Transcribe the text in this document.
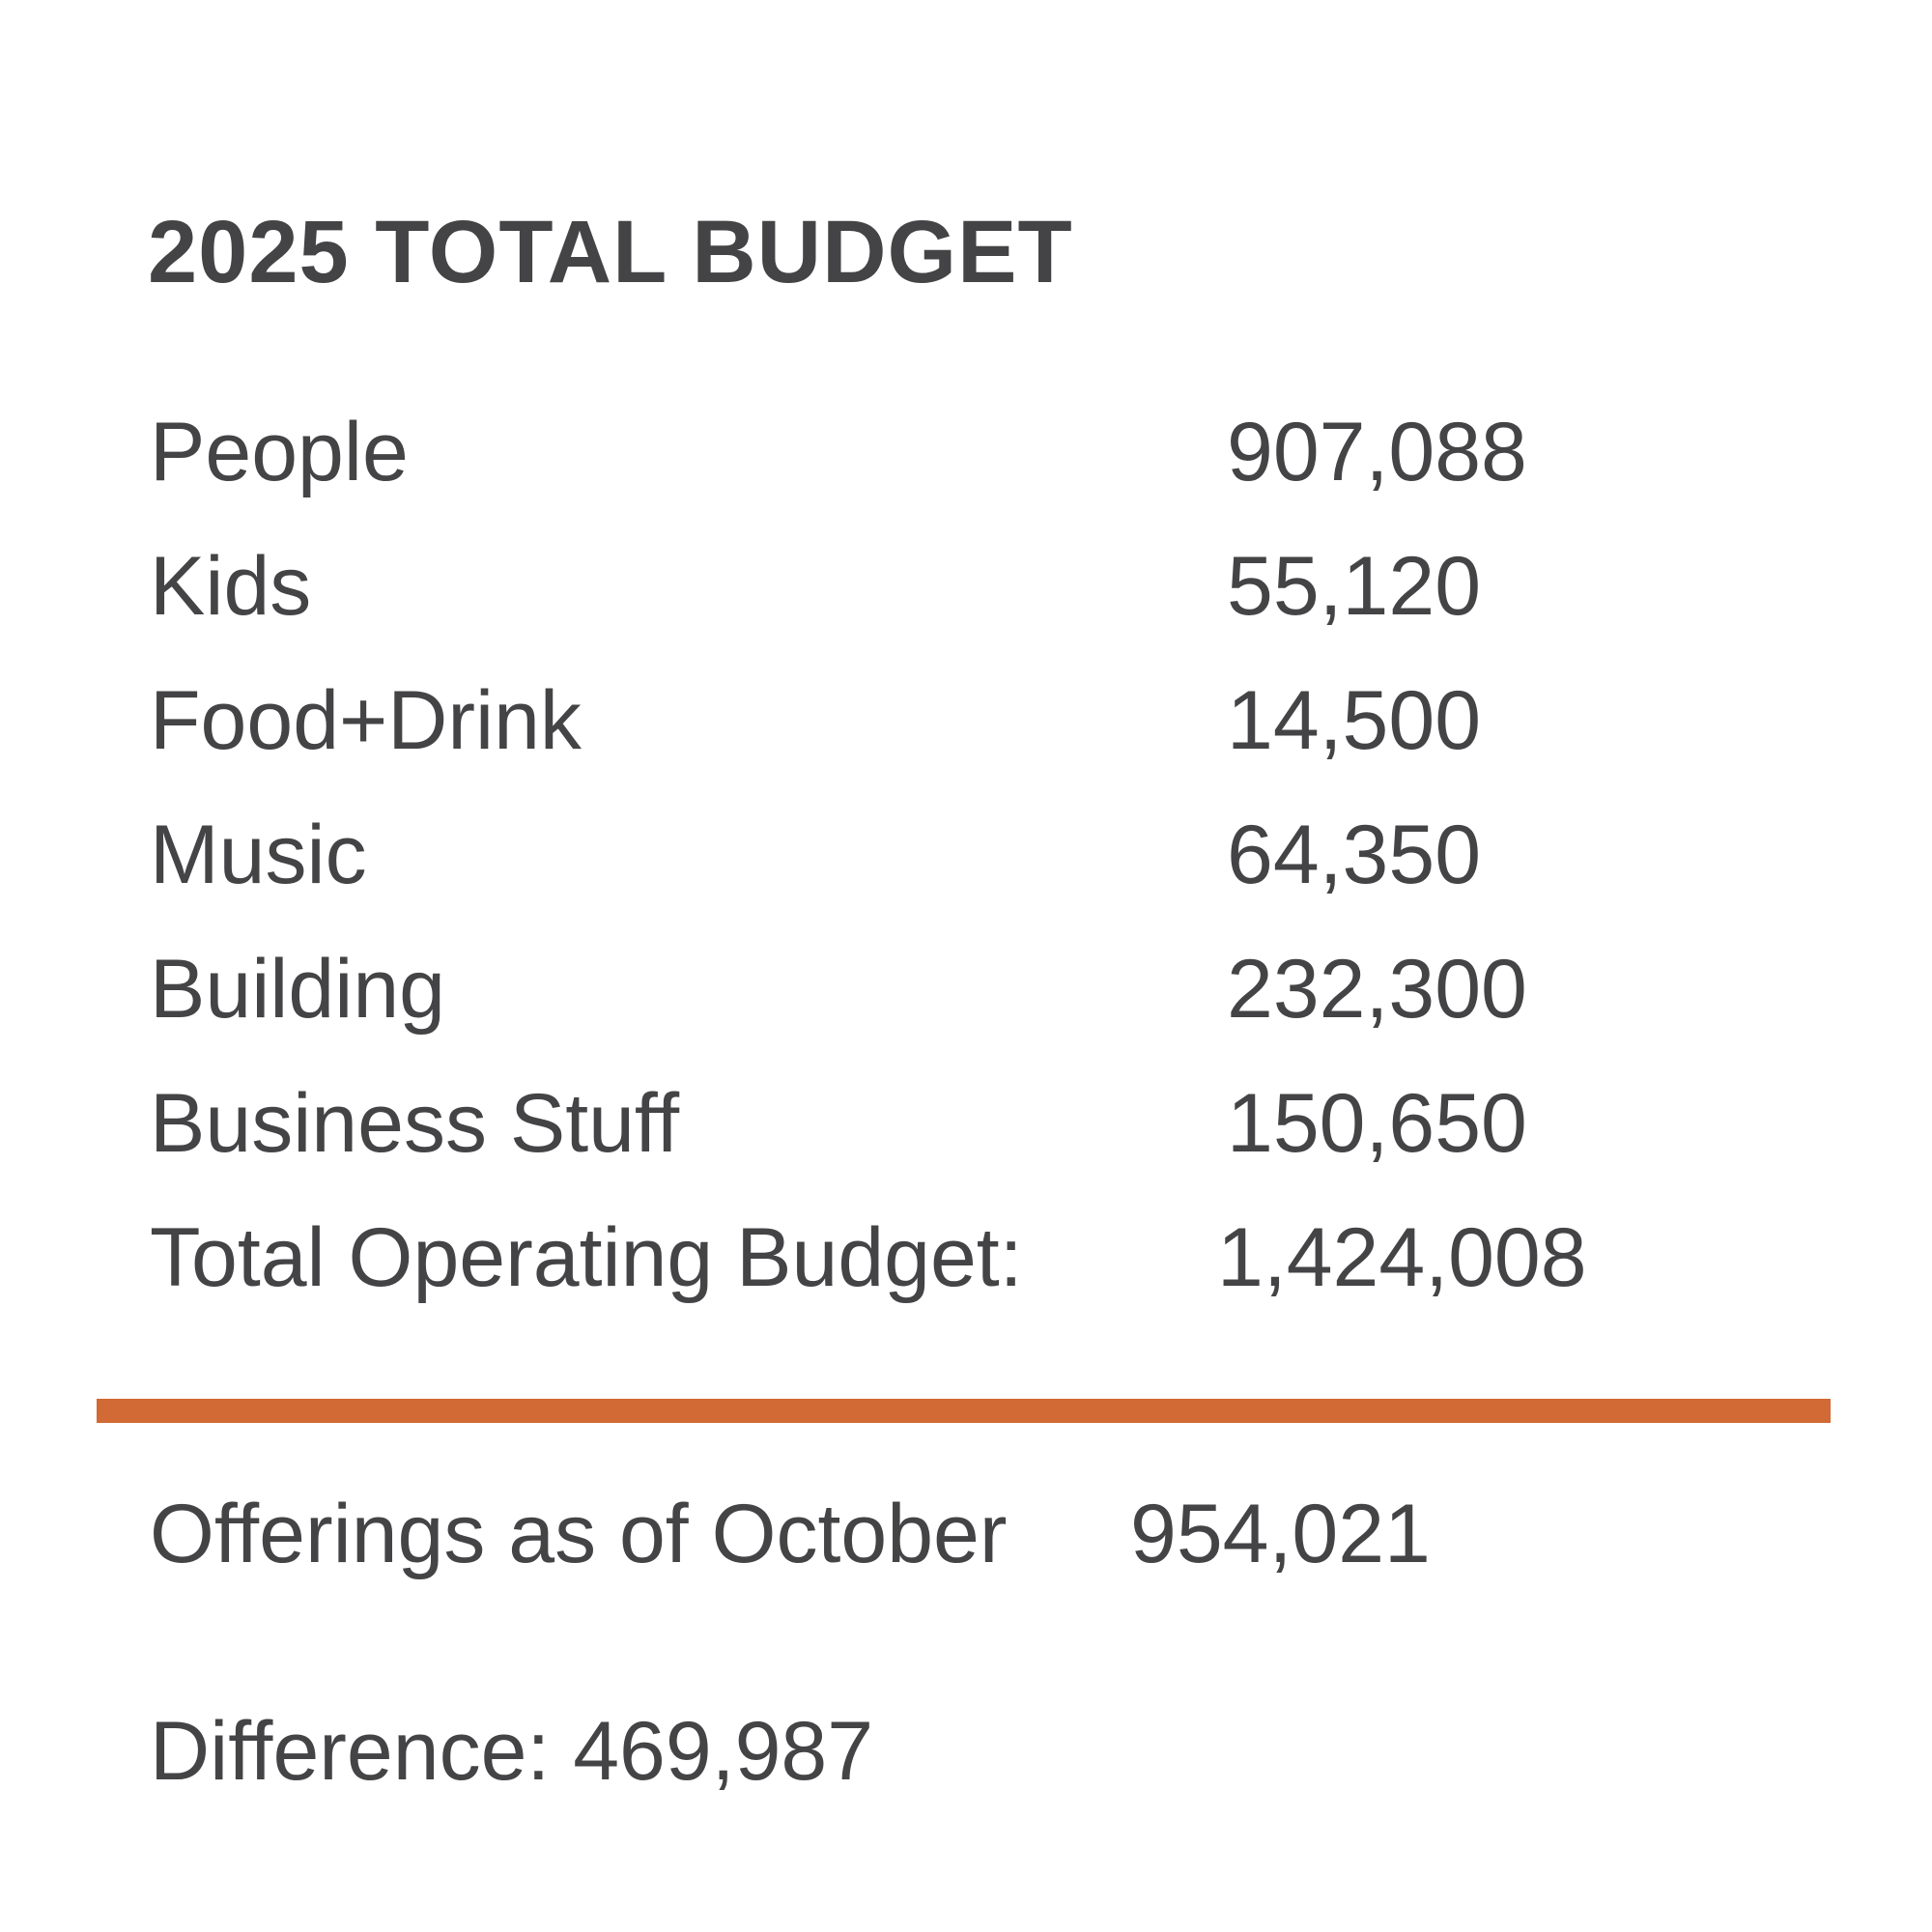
2025 TOTAL BUDGET
People	907,088
Kids	55,120
Food+Drink	14,500
Music	64,350
Building	232,300
Business Stuff	150,650
Total Operating Budget: 1,424,008
Offerings as of October 954,021
Difference: 469,987
